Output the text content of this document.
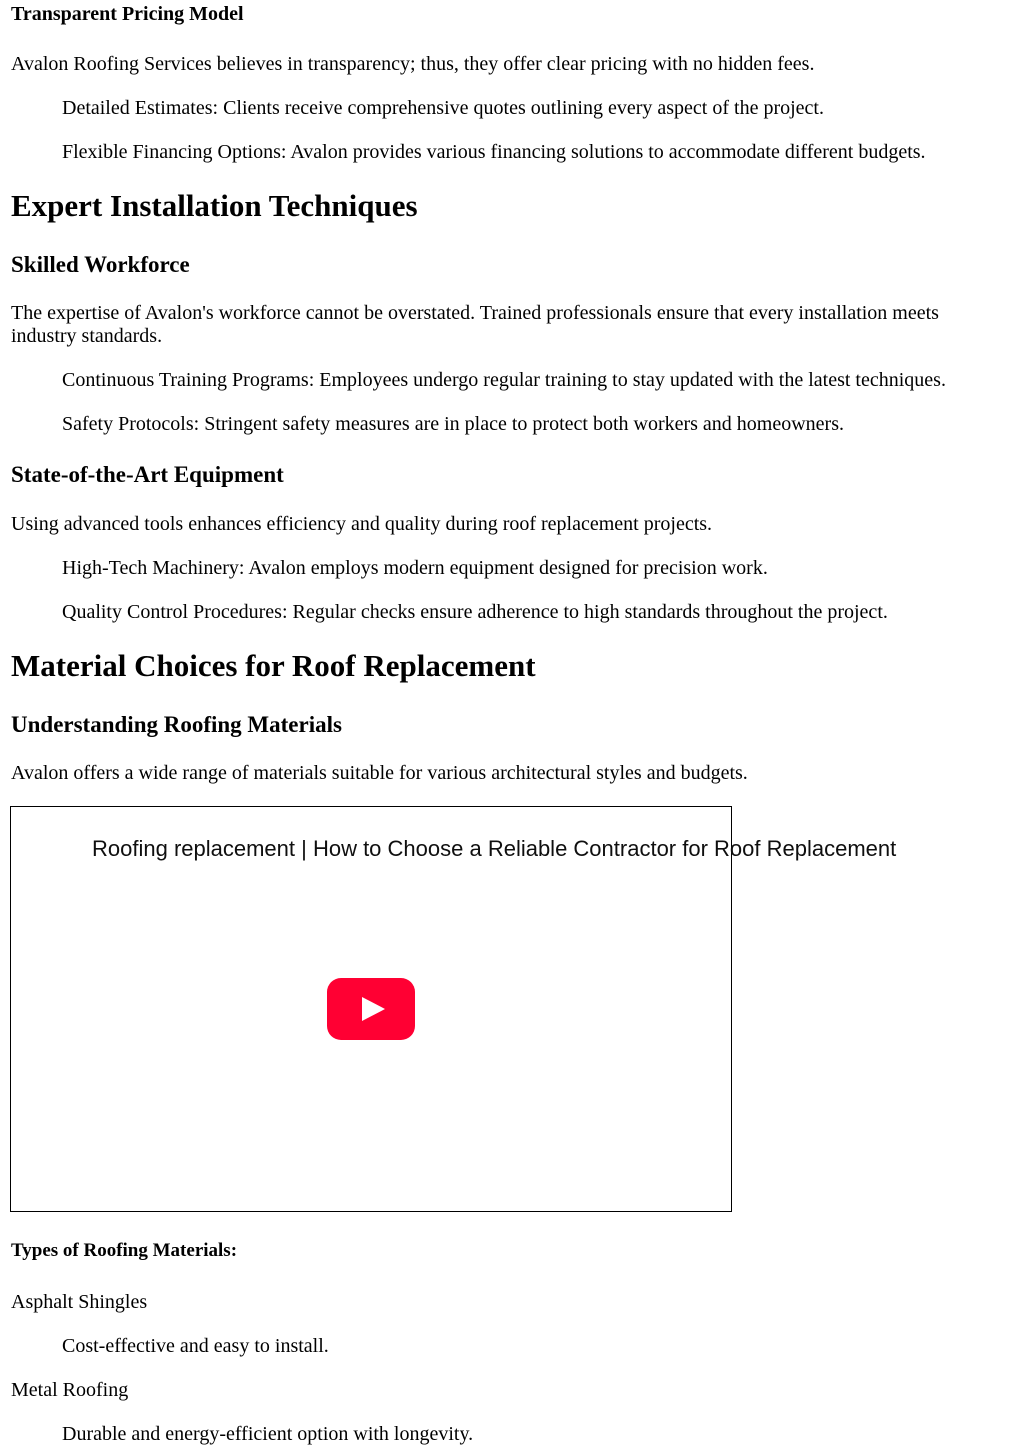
Transparent Pricing Model

Avalon Roofing Services believes in transparency; thus, they offer clear pricing with no hidden fees.

Detailed Estimates: Clients receive comprehensive quotes outlining every aspect of the project.

Flexible Financing Options: Avalon provides various financing solutions to accommodate different budgets.

Expert Installation Techniques
Skilled Workforce

The expertise of Avalon's workforce cannot be overstated. Trained professionals ensure that every installation meets industry standards.

Continuous Training Programs: Employees undergo regular training to stay updated with the latest techniques.

Safety Protocols: Stringent safety measures are in place to protect both workers and homeowners.

State-of-the-Art Equipment

Using advanced tools enhances efficiency and quality during roof replacement projects.

High-Tech Machinery: Avalon employs modern equipment designed for precision work.

Quality Control Procedures: Regular checks ensure adherence to high standards throughout the project.

Material Choices for Roof Replacement
Understanding Roofing Materials

Avalon offers a wide range of materials suitable for various architectural styles and budgets.

Roofing replacement | How to Choose a Reliable Contractor for Roof Replacement
Types of Roofing Materials:

Asphalt Shingles

Cost-effective and easy to install.

Metal Roofing

Durable and energy-efficient option with longevity.
